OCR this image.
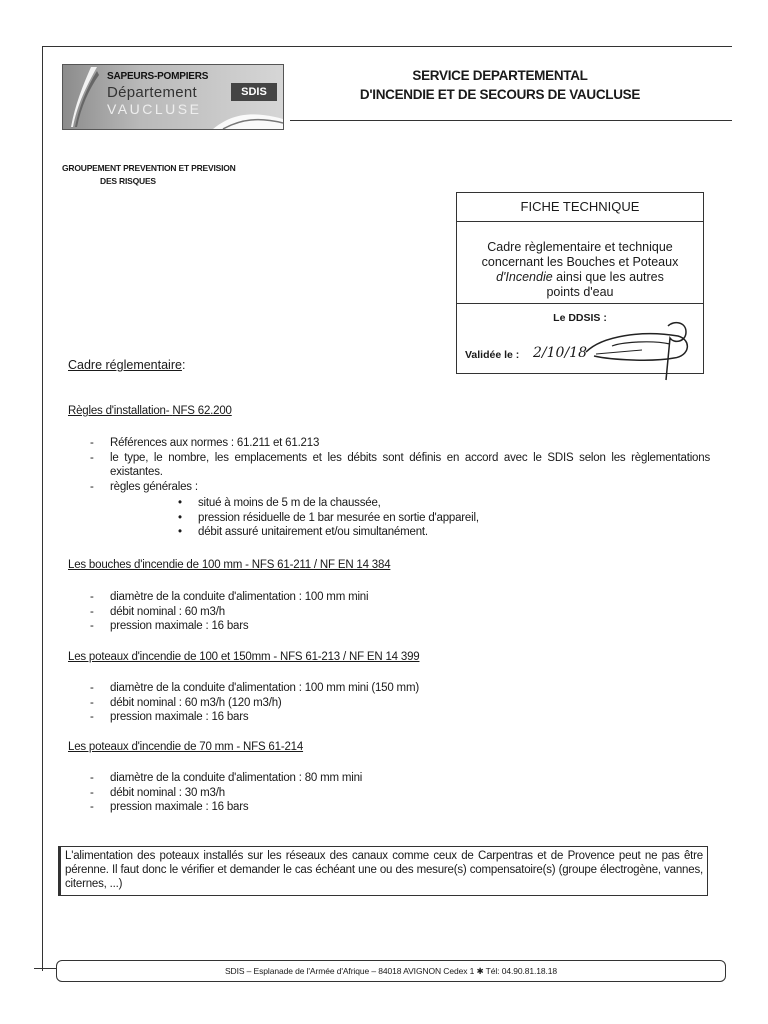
SAPEURS-POMPIERS
Département
VAUCLUSE
SDIS
SERVICE DEPARTEMENTAL
D'INCENDIE ET DE SECOURS DE VAUCLUSE
GROUPEMENT PREVENTION ET PREVISION
DES RISQUES
FICHE TECHNIQUE
Cadre règlementaire et technique
concernant les Bouches et Poteaux
d'Incendie ainsi que les autres
points d'eau
Le DDSIS :
Validée le : 2/10/18
Cadre réglementaire:
Règles d'installation- NFS 62.200
- Références aux normes : 61.211 et 61.213
- le type, le nombre, les emplacements et les débits sont définis en accord avec le SDIS selon les règlementations existantes.
- règles générales :
• situé à moins de 5 m de la chaussée,
• pression résiduelle de 1 bar mesurée en sortie d'appareil,
• débit assuré unitairement et/ou simultanément.
Les bouches d'incendie de 100 mm - NFS 61-211 / NF EN 14 384
- diamètre de la conduite d'alimentation : 100 mm mini
- débit nominal : 60 m3/h
- pression maximale : 16 bars
Les poteaux d'incendie de 100 et 150mm - NFS 61-213 / NF EN 14 399
- diamètre de la conduite d'alimentation : 100 mm mini (150 mm)
- débit nominal : 60 m3/h (120 m3/h)
- pression maximale : 16 bars
Les poteaux d'incendie de 70 mm - NFS 61-214
- diamètre de la conduite d'alimentation : 80 mm mini
- débit nominal : 30 m3/h
- pression maximale : 16 bars
L'alimentation des poteaux installés sur les réseaux des canaux comme ceux de Carpentras et de Provence peut ne pas être pérenne. Il faut donc le vérifier et demander le cas échéant une ou des mesure(s) compensatoire(s) (groupe électrogène, vannes, citernes, ...)
SDIS – Esplanade de l'Armée d'Afrique – 84018 AVIGNON Cedex 1 ✱ Tél: 04.90.81.18.18
